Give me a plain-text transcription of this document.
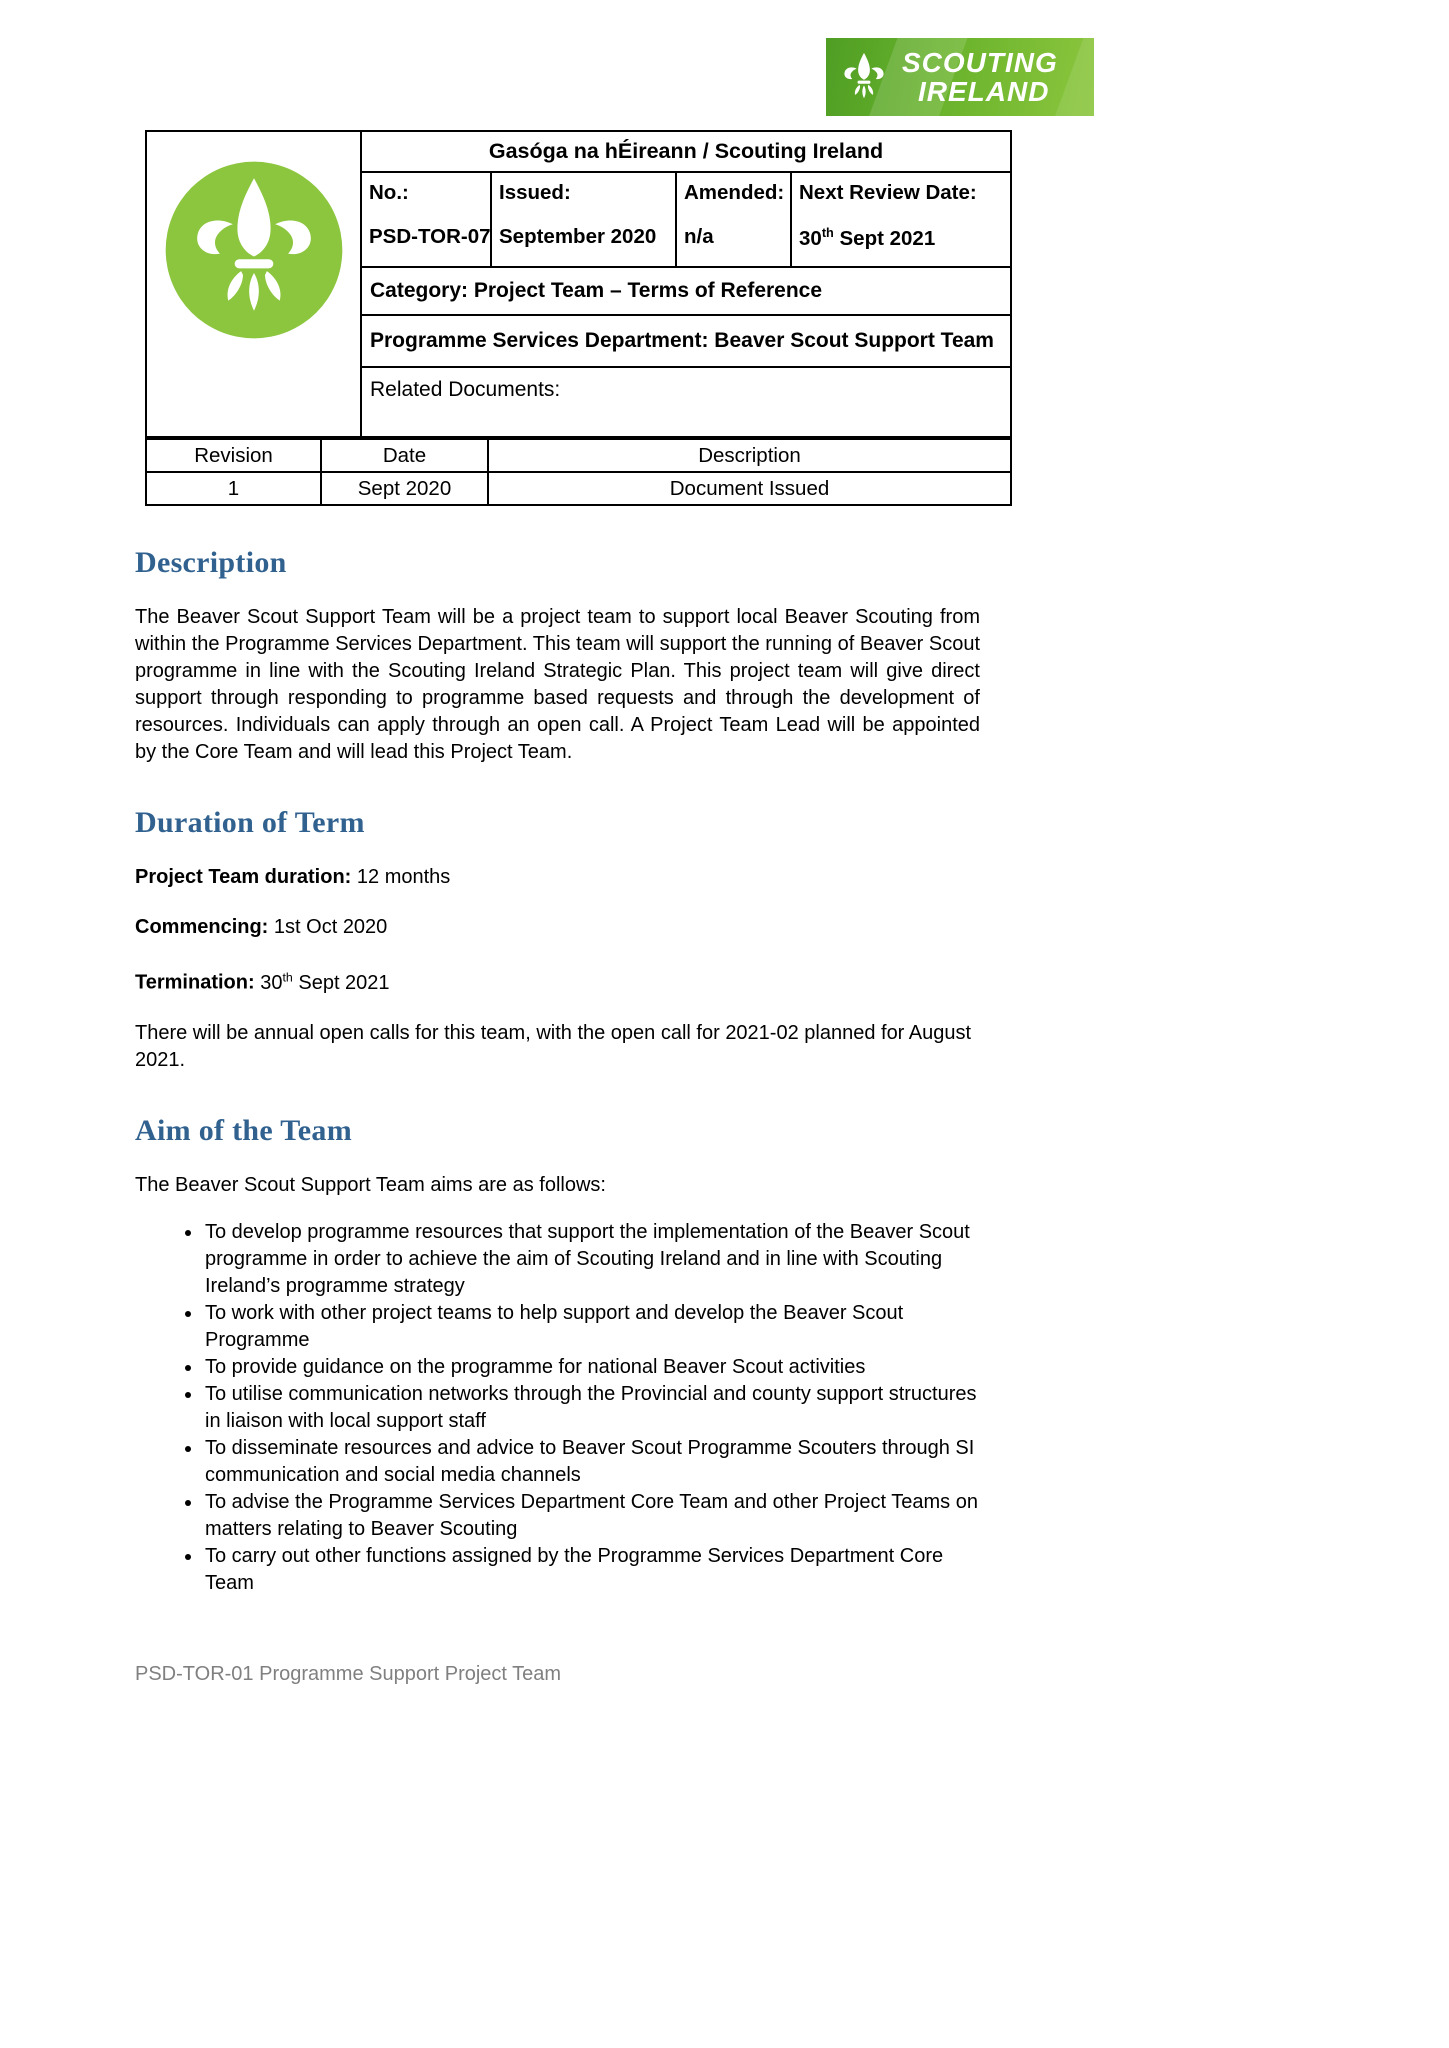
SCOUTING
IRELAND
	Gasóga na hÉireann / Scouting Ireland			

No.:
PSD-TOR-07

Issued:
September 2020

Amended:
n/a

Next Review Date:
30th Sept 2021

	Category: Project Team – Terms of Reference			
	Programme Services Department: Beaver Scout Support Team			
	Related Documents:			
Revision	Date	Description
1	Sept 2020	Document Issued
Description

The Beaver Scout Support Team will be a project team to support local Beaver Scouting from within the Programme Services Department. This team will support the running of Beaver Scout programme in line with the Scouting Ireland Strategic Plan. This project team will give direct support through responding to programme based requests and through the development of resources. Individuals can apply through an open call. A Project Team Lead will be appointed by the Core Team and will lead this Project Team.

Duration of Term

Project Team duration: 12 months

Commencing: 1st Oct 2020

Termination: 30th Sept 2021

There will be annual open calls for this team, with the open call for 2021-02 planned for August 2021.

Aim of the Team

The Beaver Scout Support Team aims are as follows:

• To develop programme resources that support the implementation of the Beaver Scout programme in order to achieve the aim of Scouting Ireland and in line with Scouting Ireland’s programme strategy
• To work with other project teams to help support and develop the Beaver Scout Programme
• To provide guidance on the programme for national Beaver Scout activities
• To utilise communication networks through the Provincial and county support structures in liaison with local support staff
• To disseminate resources and advice to Beaver Scout Programme Scouters through SI communication and social media channels
• To advise the Programme Services Department Core Team and other Project Teams on matters relating to Beaver Scouting
• To carry out other functions assigned by the Programme Services Department Core Team
PSD-TOR-01 Programme Support Project Team
